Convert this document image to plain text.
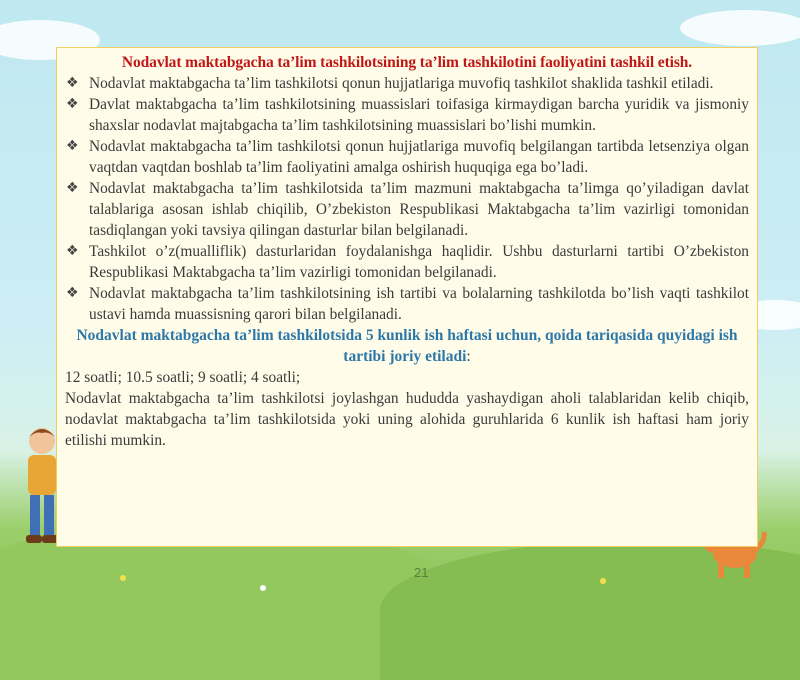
Nodavlat maktabgacha ta’lim tashkilotsining ta’lim tashkilotini faoliyatini tashkil etish.

❖ Nodavlat maktabgacha ta’lim tashkilotsi qonun hujjatlariga muvofiq tashkilot shaklida tashkil etiladi.
❖ Davlat maktabgacha ta’lim tashkilotsining muassislari toifasiga kirmaydigan barcha yuridik va jismoniy shaxslar nodavlat majtabgacha ta’lim tashkilotsining muassislari bo’lishi mumkin.
❖ Nodavlat maktabgacha ta’lim tashkilotsi qonun hujjatlariga muvofiq belgilangan tartibda letsenziya olgan vaqtdan vaqtdan boshlab ta’lim faoliyatini amalga oshirish huquqiga ega bo’ladi.
❖ Nodavlat maktabgacha ta’lim tashkilotsida ta’lim mazmuni maktabgacha ta’limga qo’yiladigan davlat talablariga asosan ishlab chiqilib, O’zbekiston Respublikasi Maktabgacha ta’lim vazirligi tomonidan tasdiqlangan yoki tavsiya qilingan dasturlar bilan belgilanadi.
❖ Tashkilot o’z(mualliflik) dasturlaridan foydalanishga haqlidir. Ushbu dasturlarni tartibi O’zbekiston Respublikasi Maktabgacha ta’lim vazirligi tomonidan belgilanadi.
❖ Nodavlat maktabgacha ta’lim tashkilotsining ish tartibi va bolalarning tashkilotda bo’lish vaqti tashkilot ustavi hamda muassisning qarori bilan belgilanadi.

Nodavlat maktabgacha ta’lim tashkilotsida 5 kunlik ish haftasi uchun, qoida tariqasida quyidagi ish tartibi joriy etiladi:

12 soatli; 10.5 soatli; 9 soatli; 4 soatli;

Nodavlat maktabgacha ta’lim tashkilotsi joylashgan hududda yashaydigan aholi talablaridan kelib chiqib, nodavlat maktabgacha ta’lim tashkilotsida yoki uning alohida guruhlarida 6 kunlik ish haftasi ham joriy etilishi mumkin.

21
